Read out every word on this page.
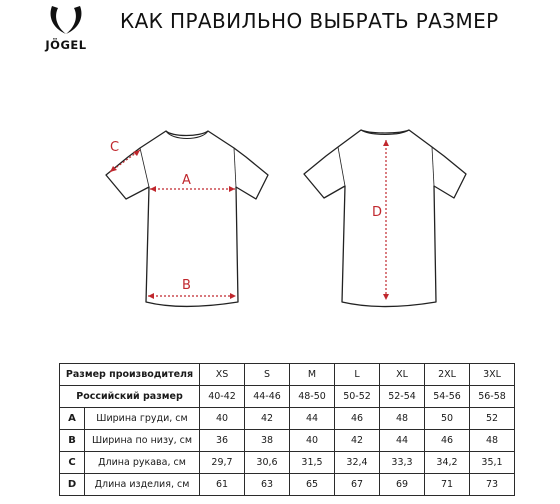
JÖGEL
КАК ПРАВИЛЬНО ВЫБРАТЬ РАЗМЕР
A
B
C
D
Размер производителя		XS	S	M	L	XL	2XL	3XL
Российский размер		40-42	44-46	48-50	50-52	52-54	54-56	56-58
A	Ширина груди, см	40	42	44	46	48	50	52
B	Ширина по низу, см	36	38	40	42	44	46	48
C	Длина рукава, см	29,7	30,6	31,5	32,4	33,3	34,2	35,1
D	Длина изделия, см	61	63	65	67	69	71	73
